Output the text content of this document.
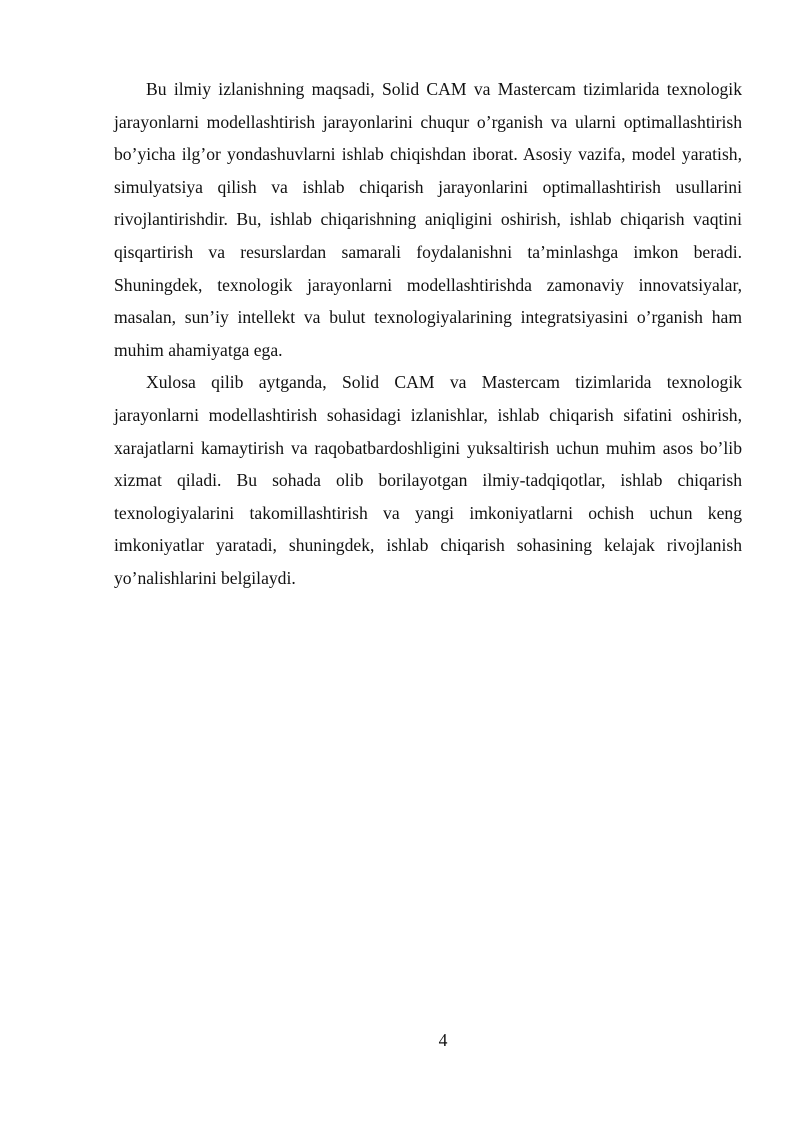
Bu ilmiy izlanishning maqsadi, Solid CAM va Mastercam tizimlarida texnologik jarayonlarni modellashtirish jarayonlarini chuqur o’rganish va ularni optimallashtirish bo’yicha ilg’or yondashuvlarni ishlab chiqishdan iborat. Asosiy vazifa, model yaratish, simulyatsiya qilish va ishlab chiqarish jarayonlarini optimallashtirish usullarini rivojlantirishdir. Bu, ishlab chiqarishning aniqligini oshirish, ishlab chiqarish vaqtini qisqartirish va resurslardan samarali foydalanishni ta’minlashga imkon beradi. Shuningdek, texnologik jarayonlarni modellashtirishda zamonaviy innovatsiyalar, masalan, sun’iy intellekt va bulut texnologiyalarining integratsiyasini o’rganish ham muhim ahamiyatga ega.

Xulosa qilib aytganda, Solid CAM va Mastercam tizimlarida texnologik jarayonlarni modellashtirish sohasidagi izlanishlar, ishlab chiqarish sifatini oshirish, xarajatlarni kamaytirish va raqobatbardoshligini yuksaltirish uchun muhim asos bo’lib xizmat qiladi. Bu sohada olib borilayotgan ilmiy-tadqiqotlar, ishlab chiqarish texnologiyalarini takomillashtirish va yangi imkoniyatlarni ochish uchun keng imkoniyatlar yaratadi, shuningdek, ishlab chiqarish sohasining kelajak rivojlanish yo’nalishlarini belgilaydi.

4
